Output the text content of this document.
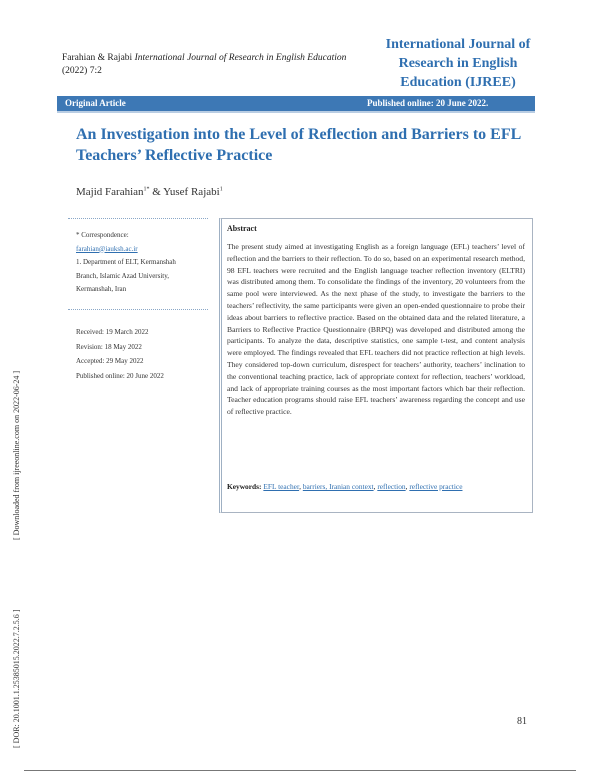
Farahian & Rajabi International Journal of Research in English Education
(2022) 7:2
International Journal of
Research in English
Education (IJREE)
Original Article	Published online: 20 June 2022.
An Investigation into the Level of Reflection and Barriers to EFL Teachers’ Reflective Practice
Majid Farahian$^{1*}$ & Yusef Rajabi$^1$
* Correspondence:
farahian@iauksh.ac.ir
1. Department of ELT, Kermanshah Branch, Islamic Azad University, Kermanshah, Iran
Received: 19 March 2022
Revision: 18 May 2022
Accepted: 29 May 2022
Published online: 20 June 2022
Abstract
The present study aimed at investigating English as a foreign language (EFL) teachers’ level of reflection and the barriers to their reflection. To do so, based on an experimental research method, 98 EFL teachers were recruited and the English language teacher reflection inventory (ELTRI) was distributed among them. To consolidate the findings of the inventory, 20 volunteers from the same pool were interviewed. As the next phase of the study, to investigate the barriers to the teachers’ reflectivity, the same participants were given an open-ended questionnaire to probe their ideas about barriers to reflective practice. Based on the obtained data and the related literature, a Barriers to Reflective Practice Questionnaire (BRPQ) was developed and distributed among the participants. To analyze the data, descriptive statistics, one sample t-test, and content analysis were employed. The findings revealed that EFL teachers did not practice reflection at high levels. They considered top-down curriculum, disrespect for teachers’ authority, teachers’ inclination to the conventional teaching practice, lack of appropriate context for reflection, teachers’ workload, and lack of appropriate training courses as the most important factors which bar their reflection. Teacher education programs should raise EFL teachers’ awareness regarding the concept and use of reflective practice.
Keywords: EFL teacher, barriers, Iranian context, reflection, reflective practice
[ Downloaded from ijreeonline.com on 2022-06-24 ]
[ DOR: 20.1001.1.25385015.2022.7.2.5.6 ]	81
